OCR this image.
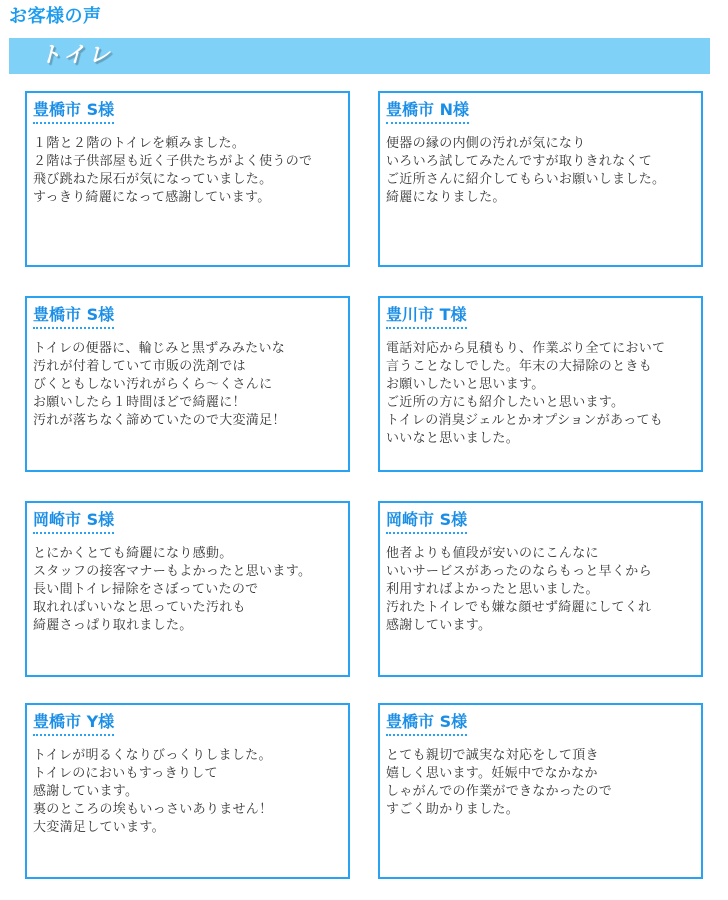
お客様の声
トイレ
豊橋市 S様
１階と２階のトイレを頼みました。
２階は子供部屋も近く子供たちがよく使うので
飛び跳ねた尿石が気になっていました。
すっきり綺麗になって感謝しています。
豊橋市 N様
便器の縁の内側の汚れが気になり
いろいろ試してみたんですが取りきれなくて
ご近所さんに紹介してもらいお願いしました。
綺麗になりました。
豊橋市 S様
トイレの便器に、輪じみと黒ずみみたいな
汚れが付着していて市販の洗剤では
びくともしない汚れがらくら〜くさんに
お願いしたら１時間ほどで綺麗に！
汚れが落ちなく諦めていたので大変満足！
豊川市 T様
電話対応から見積もり、作業ぶり全てにおいて
言うことなしでした。年末の大掃除のときも
お願いしたいと思います。
ご近所の方にも紹介したいと思います。
トイレの消臭ジェルとかオプションがあっても
いいなと思いました。
岡崎市 S様
とにかくとても綺麗になり感動。
スタッフの接客マナーもよかったと思います。
長い間トイレ掃除をさぼっていたので
取れればいいなと思っていた汚れも
綺麗さっぱり取れました。
岡崎市 S様
他者よりも値段が安いのにこんなに
いいサービスがあったのならもっと早くから
利用すればよかったと思いました。
汚れたトイレでも嫌な顔せず綺麗にしてくれ
感謝しています。
豊橋市 Y様
トイレが明るくなりびっくりしました。
トイレのにおいもすっきりして
感謝しています。
裏のところの埃もいっさいありません！
大変満足しています。
豊橋市 S様
とても親切で誠実な対応をして頂き
嬉しく思います。妊娠中でなかなか
しゃがんでの作業ができなかったので
すごく助かりました。
